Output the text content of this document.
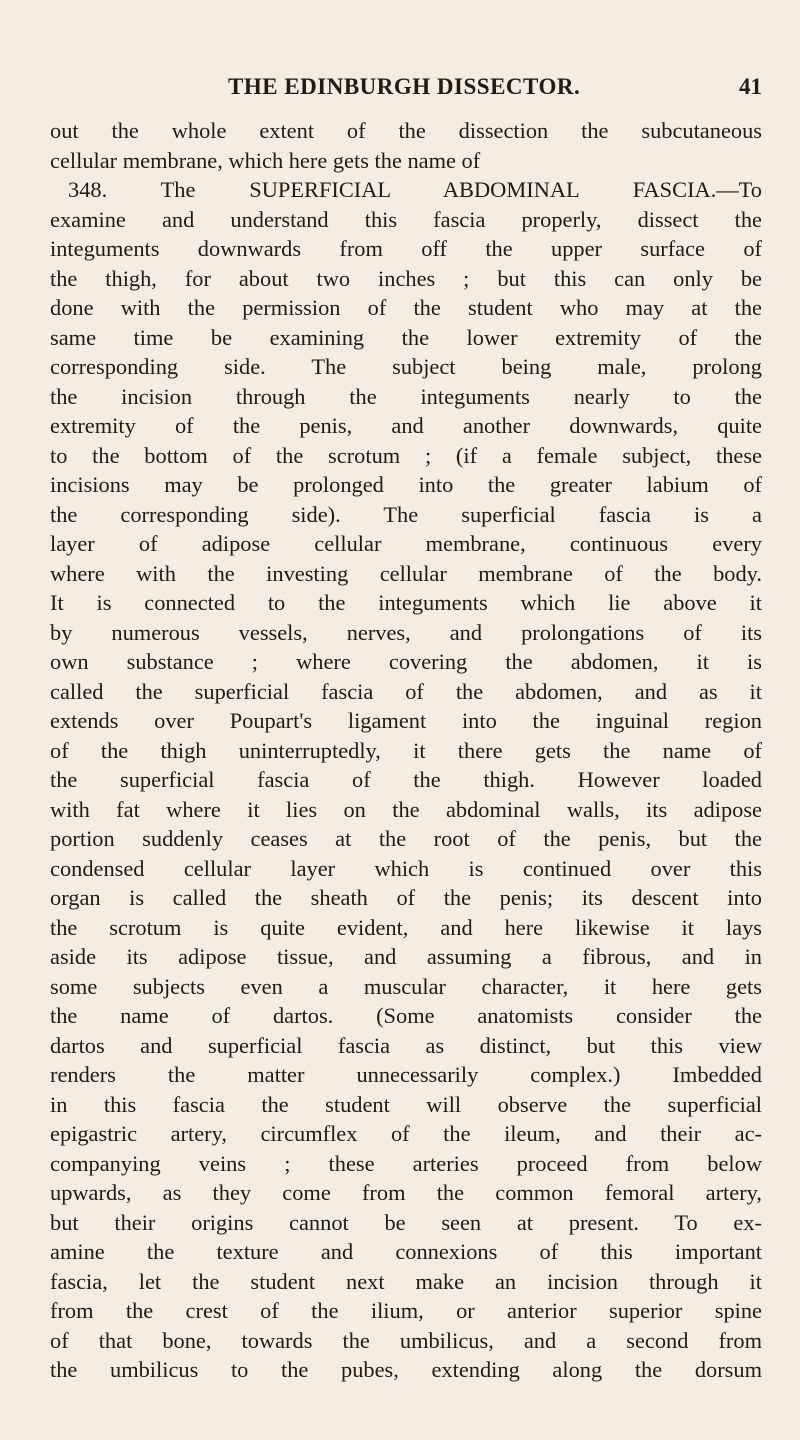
THE EDINBURGH DISSECTOR.	41
out the whole extent of the dissection the subcutaneous
cellular membrane, which here gets the name of
348. The SUPERFICIAL ABDOMINAL FASCIA.—To
examine and understand this fascia properly, dissect the
integuments downwards from off the upper surface of
the thigh, for about two inches ; but this can only be
done with the permission of the student who may at the
same time be examining the lower extremity of the
corresponding side. The subject being male, prolong
the incision through the integuments nearly to the
extremity of the penis, and another downwards, quite
to the bottom of the scrotum ; (if a female subject, these
incisions may be prolonged into the greater labium of
the corresponding side). The superficial fascia is a
layer of adipose cellular membrane, continuous every
where with the investing cellular membrane of the body.
It is connected to the integuments which lie above it
by numerous vessels, nerves, and prolongations of its
own substance ; where covering the abdomen, it is
called the superficial fascia of the abdomen, and as it
extends over Poupart's ligament into the inguinal region
of the thigh uninterruptedly, it there gets the name of
the superficial fascia of the thigh. However loaded
with fat where it lies on the abdominal walls, its adipose
portion suddenly ceases at the root of the penis, but the
condensed cellular layer which is continued over this
organ is called the sheath of the penis; its descent into
the scrotum is quite evident, and here likewise it lays
aside its adipose tissue, and assuming a fibrous, and in
some subjects even a muscular character, it here gets
the name of dartos. (Some anatomists consider the
dartos and superficial fascia as distinct, but this view
renders the matter unnecessarily complex.) Imbedded
in this fascia the student will observe the superficial
epigastric artery, circumflex of the ileum, and their ac-
companying veins ; these arteries proceed from below
upwards, as they come from the common femoral artery,
but their origins cannot be seen at present. To ex-
amine the texture and connexions of this important
fascia, let the student next make an incision through it
from the crest of the ilium, or anterior superior spine
of that bone, towards the umbilicus, and a second from
the umbilicus to the pubes, extending along the dorsum
